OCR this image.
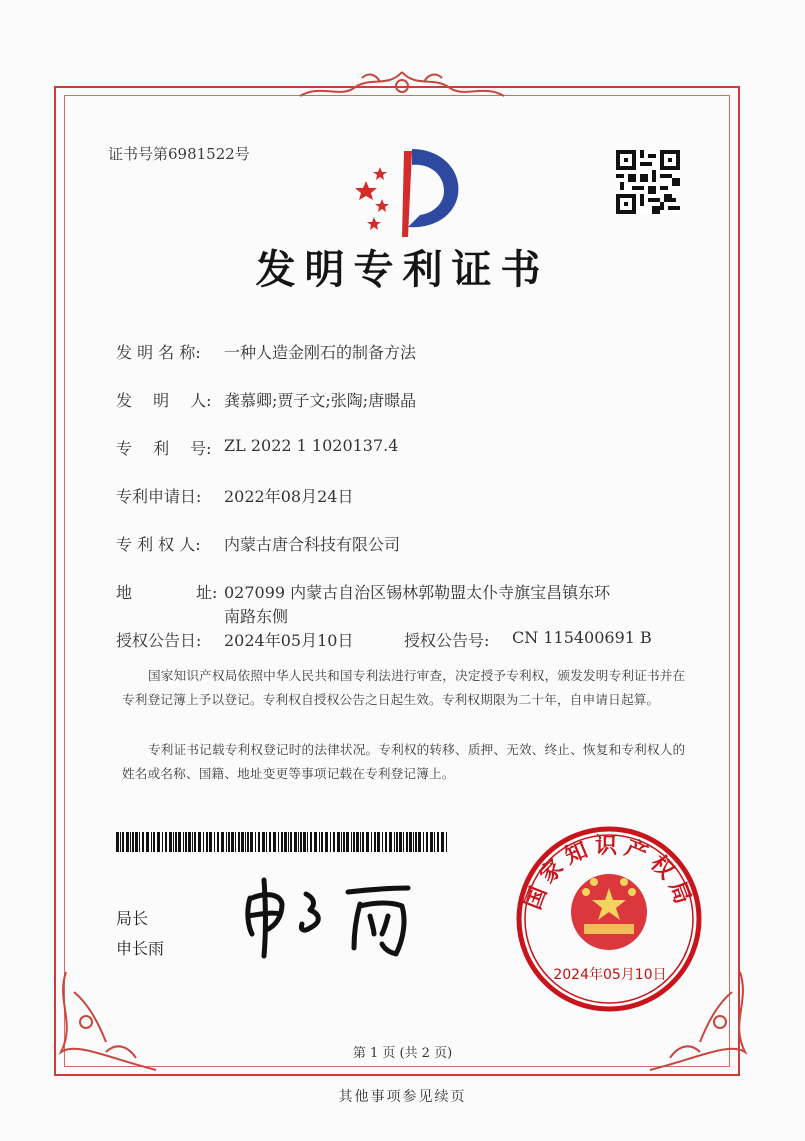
证书号第6981522号
发明专利证书
发 明 名 称: 一种人造金刚石的制备方法
发　 明　 人: 龚慕卿;贾子文;张陶;唐暻晶
专　 利　 号: ZL 2022 1 1020137.4
专利申请日: 2022年08月24日
专 利 权 人: 内蒙古唐合科技有限公司
地　　　　址: 027099 内蒙古自治区锡林郭勒盟太仆寺旗宝昌镇东环
南路东侧
授权公告日: 2024年05月10日	授权公告号: CN 115400691 B
国家知识产权局依照中华人民共和国专利法进行审查，决定授予专利权，颁发发明专利证书并在专利登记簿上予以登记。专利权自授权公告之日起生效。专利权期限为二十年，自申请日起算。
专利证书记载专利权登记时的法律状况。专利权的转移、质押、无效、终止、恢复和专利权人的姓名或名称、国籍、地址变更等事项记载在专利登记簿上。
局长
申长雨
国家知识产权局
2024年05月10日
第 1 页 (共 2 页)
其他事项参见续页
